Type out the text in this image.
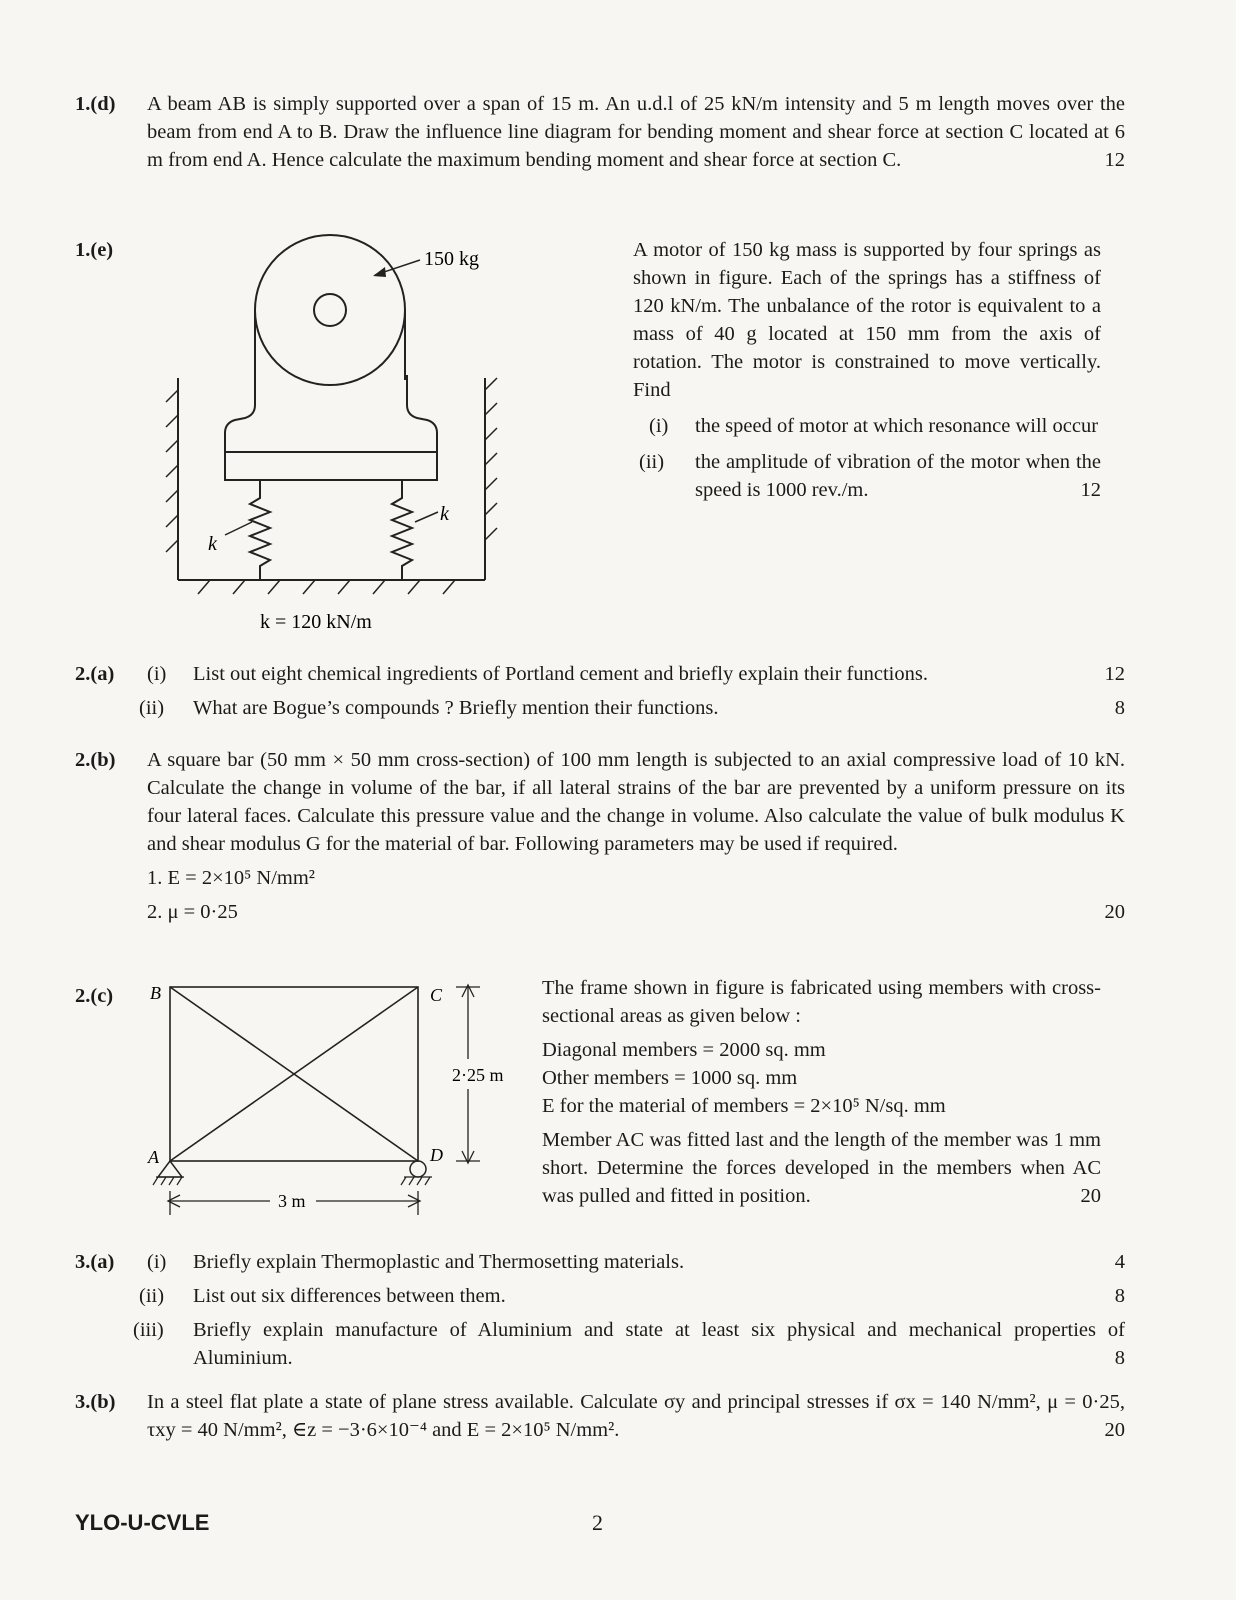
1.(d) A beam AB is simply supported over a span of 15 m. An u.d.l of 25 kN/m intensity and 5 m length moves over the beam from end A to B. Draw the influence line diagram for bending moment and shear force at section C located at 6 m from end A. Hence calculate the maximum bending moment and shear force at section C.	12
1.(e)	150 kg
k
k
k = 120 kN/m
A motor of 150 kg mass is supported by four springs as shown in figure. Each of the springs has a stiffness of 120 kN/m. The unbalance of the rotor is equivalent to a mass of 40 g located at 150 mm from the axis of rotation. The motor is constrained to move vertically. Find
(i) the speed of motor at which resonance will occur
(ii) the amplitude of vibration of the motor when the speed is 1000 rev./m.	12
2.(a) (i) List out eight chemical ingredients of Portland cement and briefly explain their functions.	12
(ii) What are Bogue’s compounds ? Briefly mention their functions.	8
2.(b) A square bar (50 mm × 50 mm cross-section) of 100 mm length is subjected to an axial compressive load of 10 kN. Calculate the change in volume of the bar, if all lateral strains of the bar are prevented by a uniform pressure on its four lateral faces. Calculate this pressure value and the change in volume. Also calculate the value of bulk modulus K and shear modulus G for the material of bar. Following parameters may be used if required.
1. E = 2×10⁵ N/mm²
2. μ = 0·25	20
2.(c) B	C
A	D
2·25 m
3 m
The frame shown in figure is fabricated using members with cross-sectional areas as given below :
Diagonal members = 2000 sq. mm
Other members = 1000 sq. mm
E for the material of members = 2×10⁵ N/sq. mm
Member AC was fitted last and the length of the member was 1 mm short. Determine the forces developed in the members when AC was pulled and fitted in position.	20
3.(a) (i) Briefly explain Thermoplastic and Thermosetting materials.	4
(ii) List out six differences between them.	8
(iii) Briefly explain manufacture of Aluminium and state at least six physical and mechanical properties of Aluminium.	8
3.(b) In a steel flat plate a state of plane stress available. Calculate σy and principal stresses if σx = 140 N/mm², μ = 0·25, τxy = 40 N/mm², ∈z = −3·6×10⁻⁴ and E = 2×10⁵ N/mm².	20
YLO-U-CVLE	2
